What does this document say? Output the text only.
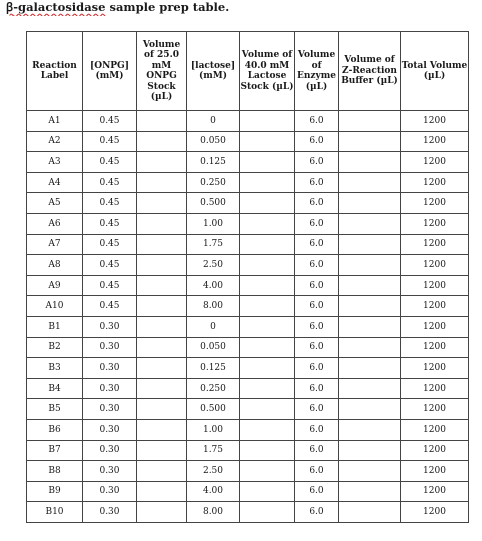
ꞵ-galactosidase sample prep table.
Reaction Label	[ONPG] (mM)	Volume of 25.0 mM ONPG Stock (µL)	[lactose] (mM)	Volume of 40.0 mM Lactose Stock (µL)	Volume of Enzyme (µL)	Volume of Z-Reaction Buffer (µL)	Total Volume (µL)
A1	0.45		0		6.0		1200
A2	0.45		0.050		6.0		1200
A3	0.45		0.125		6.0		1200
A4	0.45		0.250		6.0		1200
A5	0.45		0.500		6.0		1200
A6	0.45		1.00		6.0		1200
A7	0.45		1.75		6.0		1200
A8	0.45		2.50		6.0		1200
A9	0.45		4.00		6.0		1200
A10	0.45		8.00		6.0		1200
B1	0.30		0		6.0		1200
B2	0.30		0.050		6.0		1200
B3	0.30		0.125		6.0		1200
B4	0.30		0.250		6.0		1200
B5	0.30		0.500		6.0		1200
B6	0.30		1.00		6.0		1200
B7	0.30		1.75		6.0		1200
B8	0.30		2.50		6.0		1200
B9	0.30		4.00		6.0		1200
B10	0.30		8.00		6.0		1200
